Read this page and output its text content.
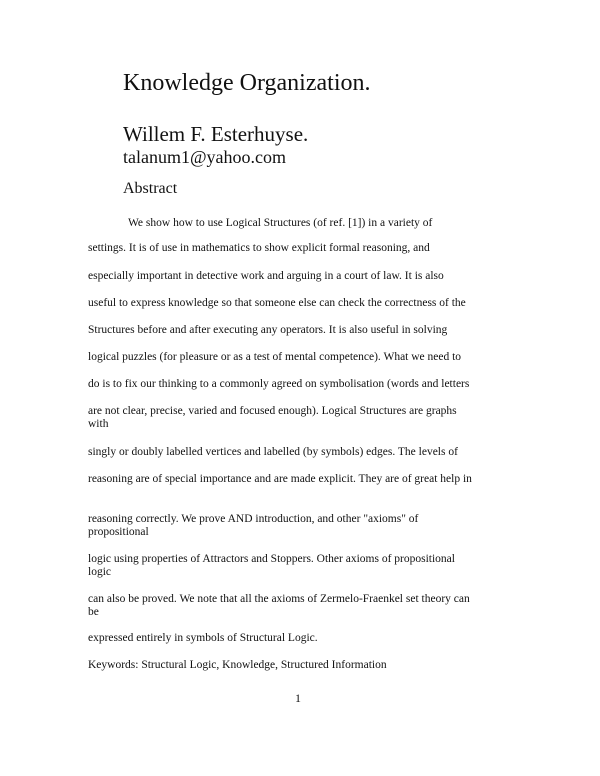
Knowledge Organization.
Willem F. Esterhuyse.
talanum1@yahoo.com
Abstract
We show how to use Logical Structures (of ref. [1]) in a variety of
settings. It is of use in mathematics to show explicit formal reasoning, and
especially important in detective work and arguing in a court of law. It is also
useful to express knowledge so that someone else can check the correctness of the
Structures before and after executing any operators. It is also useful in solving
logical puzzles (for pleasure or as a test of mental competence). What we need to
do is to fix our thinking to a commonly agreed on symbolisation (words and letters
are not clear, precise, varied and focused enough). Logical Structures are graphs with
singly or doubly labelled vertices and labelled (by symbols) edges. The levels of
reasoning are of special importance and are made explicit. They are of great help in
reasoning correctly. We prove AND introduction, and other "axioms" of propositional
logic using properties of Attractors and Stoppers. Other axioms of propositional logic
can also be proved. We note that all the axioms of Zermelo-Fraenkel set theory can be
expressed entirely in symbols of Structural Logic.
Keywords: Structural Logic, Knowledge, Structured Information
1
